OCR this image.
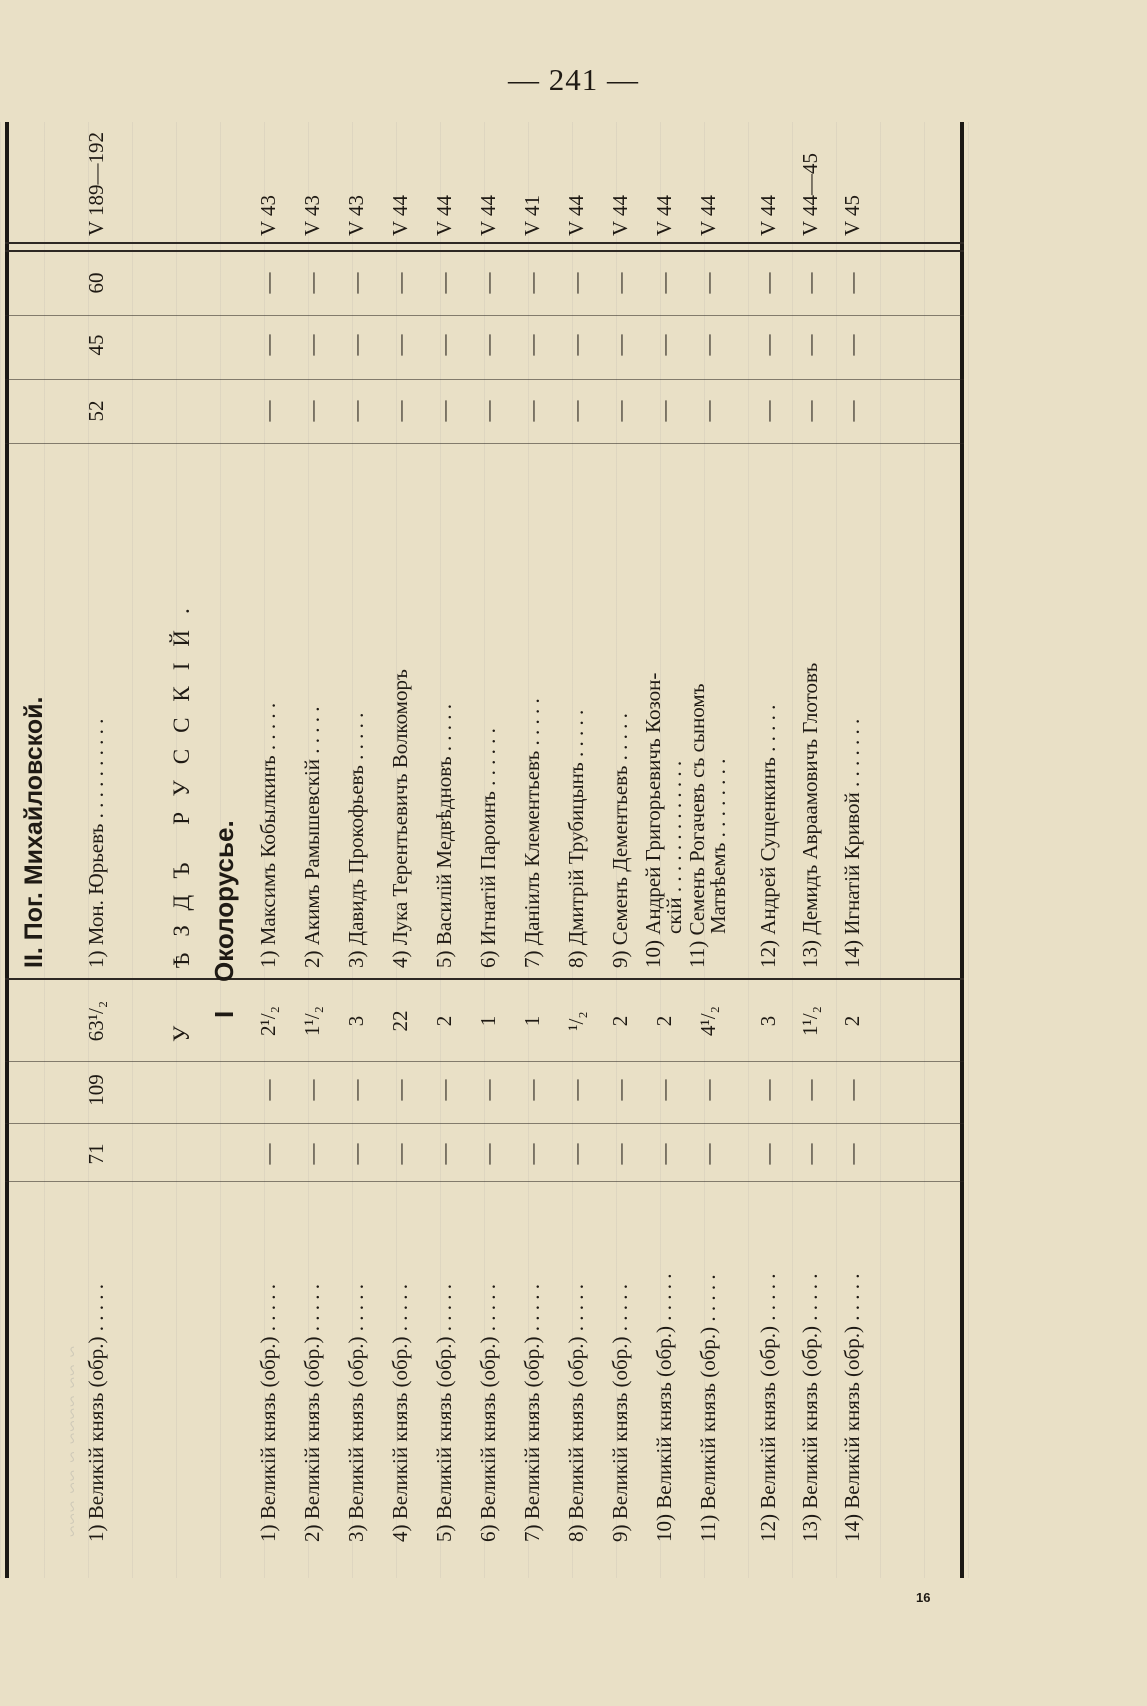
— 241 —
~ ~~ ~~~~ ~ ~~ ~~~
II. Пог. Михайловской.
1) Великій князь (обр.) . . . . .
71
109
63¹/₂
1) Мон. Юрьевъ . . . . . . . . . .
52
45
60
V 189—192
У
ѢЗДЪ РУССКІЙ.
I
Околорусье.
1) Великій князь (обр.) . . . . .
—
—
2¹/₂
1) Максимъ Кобылкинъ . . . . .
—
—
—
V 43
2) Великій князь (обр.) . . . . .
—
—
1¹/₂
2) Акимъ Рамышевскій . . . . .
—
—
—
V 43
3) Великій князь (обр.) . . . . .
—
—
3
3) Давидъ Прокофьевъ . . . . .
—
—
—
V 43
4) Великій князь (обр.) . . . . .
—
—
22
4) Лука Терентьевичъ Волкоморъ
—
—
—
V 44
5) Великій князь (обр.) . . . . .
—
—
2
5) Василій Медвѣдновъ . . . . .
—
—
—
V 44
6) Великій князь (обр.) . . . . .
—
—
1
6) Игнатій Пароинъ . . . . . .
—
—
—
V 44
7) Великій князь (обр.) . . . . .
—
—
1
7) Даніилъ Клементьевъ . . . . .
—
—
—
V 41
8) Великій князь (обр.) . . . . .
—
—
¹/₂
8) Дмитрій Трубицынъ . . . . .
—
—
—
V 44
9) Великій князь (обр.) . . . . .
—
—
2
9) Семенъ Дементьевъ . . . . .
—
—
—
V 44
10) Великій князь (обр.) . . . . .
—
—
2
10) Андрей Григорьевичъ Козон-
скій . . . . . . . . . . . . .
—
—
—
V 44
11) Великій князь (обр.) . . . . .
—
—
4¹/₂
11) Семенъ Рогачевъ съ сыномъ
Матвѣемъ . . . . . . . .
—
—
—
V 44
12) Великій князь (обр.) . . . . .
—
—
3
12) Андрей Сущенкинъ . . . . .
—
—
—
V 44
13) Великій князь (обр.) . . . . .
—
—
1¹/₂
13) Демидъ Авраамовичъ Глотовъ
—
—
—
V 44—45
14) Великій князь (обр.) . . . . .
—
—
2
14) Игнатій Кривой . . . . . . .
—
—
—
V 45
16
